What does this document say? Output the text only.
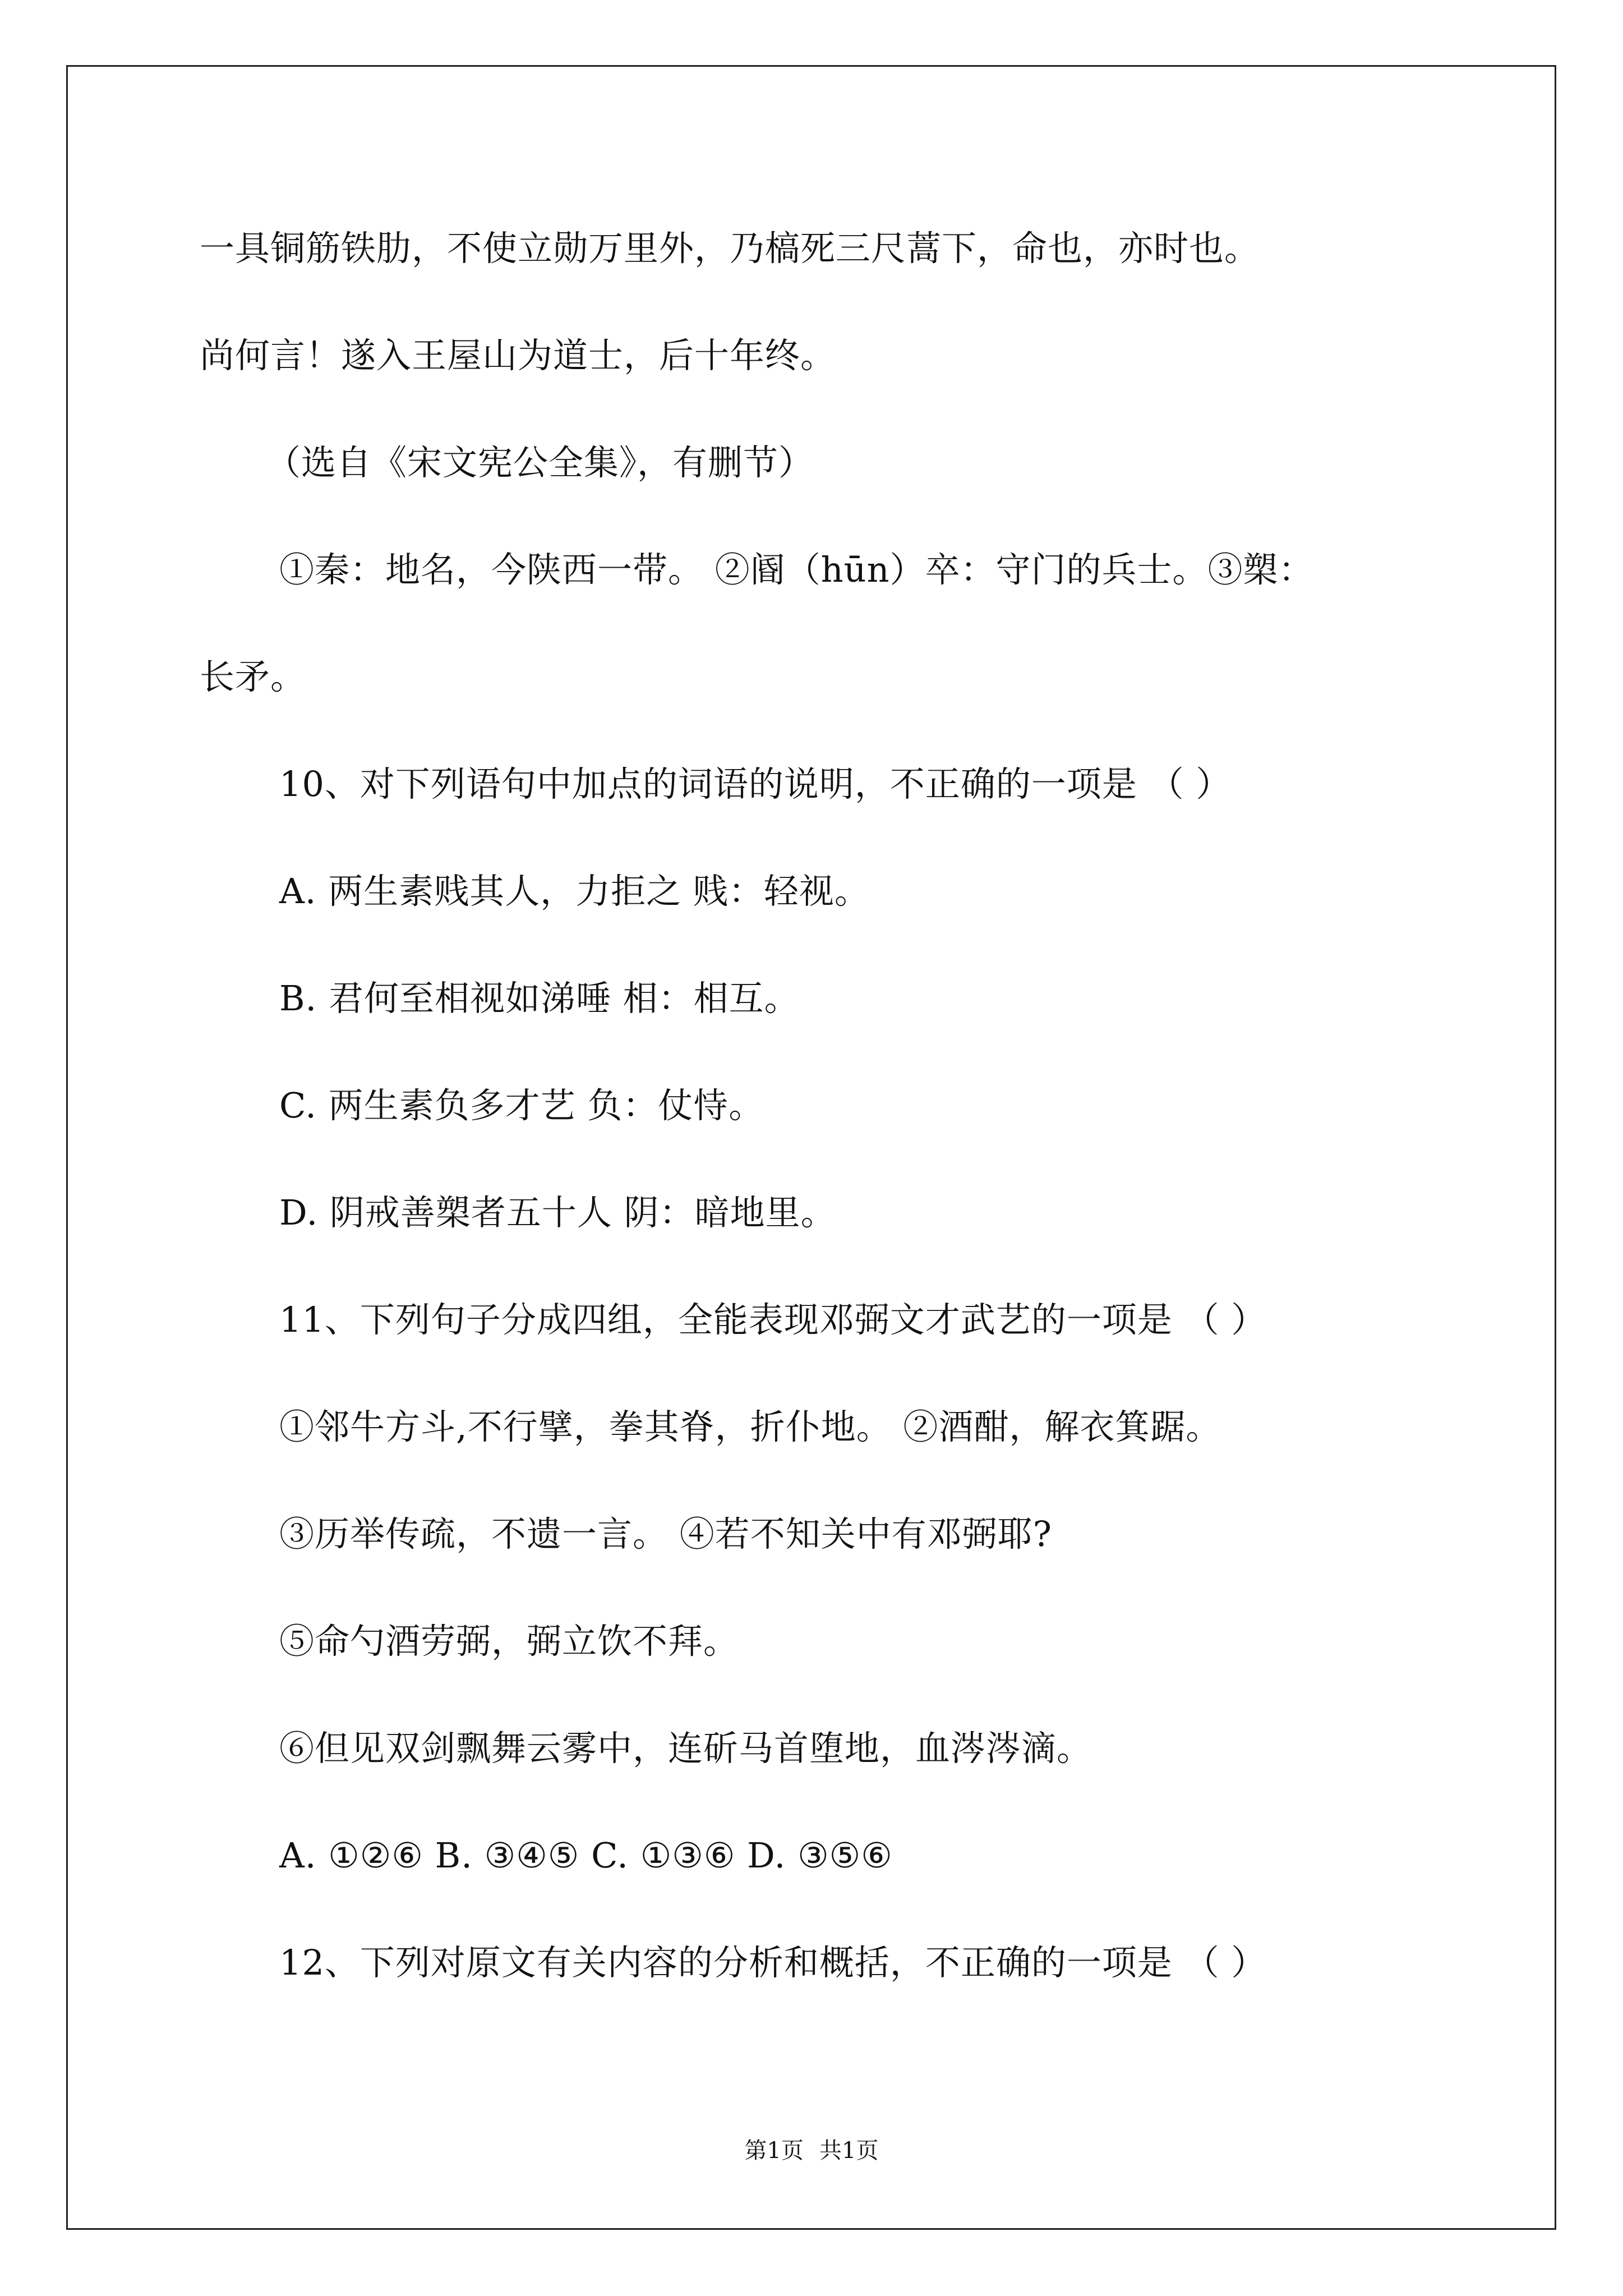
一具铜筋铁肋，不使立勋万里外，乃槁死三尺蒿下，命也，亦时也。
尚何言！遂入王屋山为道士，后十年终。
（选自《宋文宪公全集》，有删节）
①秦：地名，今陕西一带。 ②阍（hūn）卒：守门的兵士。③槊：
长矛。
10、对下列语句中加点的词语的说明，不正确的一项是 （ ）
A. 两生素贱其人，力拒之 贱：轻视。
B. 君何至相视如涕唾 相：相互。
C. 两生素负多才艺 负：仗恃。
D. 阴戒善槊者五十人 阴：暗地里。
11、下列句子分成四组，全能表现邓弼文才武艺的一项是 （ ）
①邻牛方斗,不行擘，拳其脊，折仆地。 ②酒酣，解衣箕踞。
③历举传疏，不遗一言。 ④若不知关中有邓弼耶?
⑤命勺酒劳弼，弼立饮不拜。
⑥但见双剑飘舞云雾中，连斫马首堕地，血涔涔滴。
A. ①②⑥ B. ③④⑤ C. ①③⑥ D. ③⑤⑥
12、下列对原文有关内容的分析和概括，不正确的一项是 （ ）
第1页 共1页
